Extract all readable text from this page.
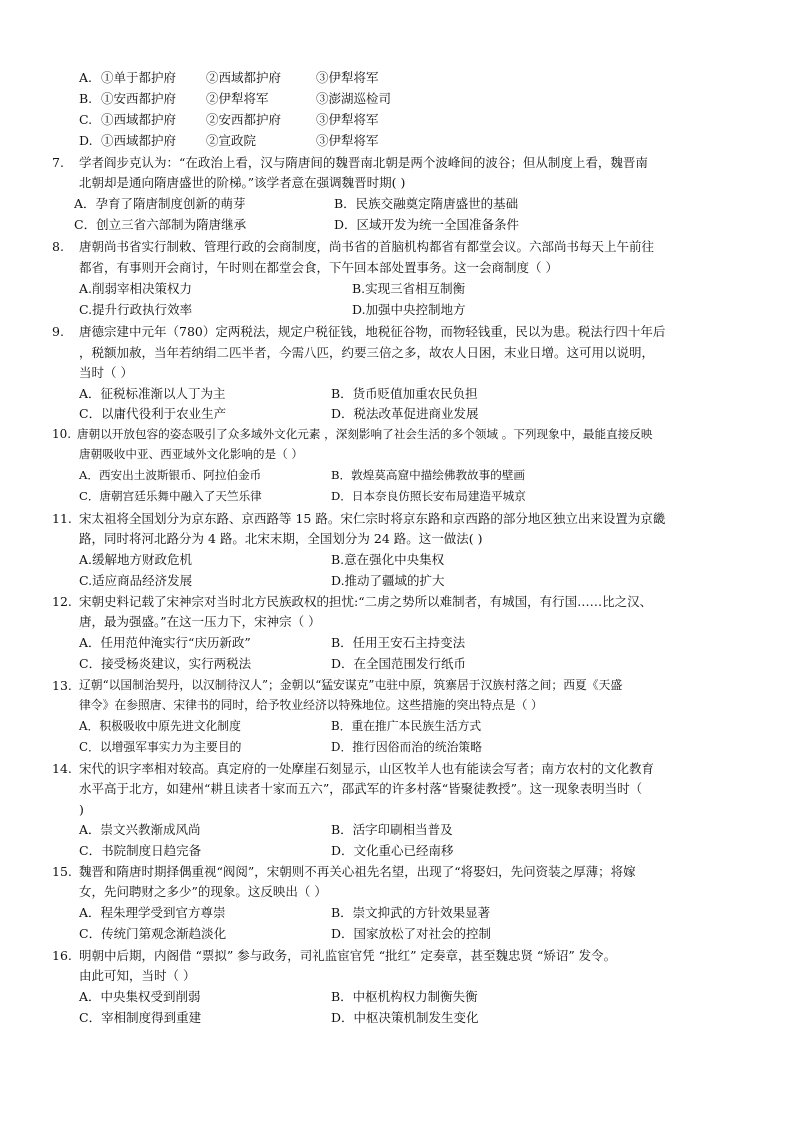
A. ①单于都护府 ②西域都护府	③伊犁将军
B. ①安西都护府 ②伊犁将军	③澎湖巡检司
C. ①西域都护府 ②安西都护府	③伊犁将军
D. ①西域都护府 ②宣政院	③伊犁将军
7. 学者阎步克认为：“在政治上看，汉与隋唐间的魏晋南北朝是两个波峰间的波谷；但从制度上看，魏晋南
北朝却是通向隋唐盛世的阶梯。”该学者意在强调魏晋时期( )
A．孕育了隋唐制度创新的萌芽	B．民族交融奠定隋唐盛世的基础
C．创立三省六部制为隋唐继承	D．区域开发为统一全国准备条件
8. 唐朝尚书省实行制敕、管理行政的会商制度，尚书省的首脑机构都省有都堂会议。六部尚书每天上午前往
都省，有事则开会商讨，午时则在都堂会食，下午回本部处置事务。这一会商制度（ ）
A.削弱宰相决策权力	B.实现三省相互制衡
C.提升行政执行效率	D.加强中央控制地方
9. 唐德宗建中元年（780）定两税法，规定户税征钱，地税征谷物，而物轻钱重，民以为患。税法行四十年后
，税额加赦，当年若纳绢二匹半者，今需八匹，约要三倍之多，故农人日困，末业日增。这可用以说明，
当时（ ）
A．征税标准渐以人丁为主	B．货币贬值加重农民负担
C．以庸代役利于农业生产	D．税法改革促进商业发展
10. 唐朝以开放包容的姿态吸引了众多域外文化元素 ，深刻影响了社会生活的多个领域 。下列现象中，最能直接反映
唐朝吸收中亚、西亚域外文化影响的是（ ）
A．西安出土波斯银币、阿拉伯金币	B．敦煌莫高窟中描绘佛教故事的壁画
C．唐朝宫廷乐舞中融入了天竺乐律	D．日本奈良仿照长安布局建造平城京
11. 宋太祖将全国划分为京东路、京西路等 15 路。宋仁宗时将京东路和京西路的部分地区独立出来设置为京畿
路，同时将河北路分为 4 路。北宋末期，全国划分为 24 路。这一做法( )
A.缓解地方财政危机	B.意在强化中央集权
C.适应商品经济发展	D.推动了疆域的扩大
12. 宋朝史料记载了宋神宗对当时北方民族政权的担忧:“二虏之势所以难制者，有城国，有行国……比之汉、
唐，最为强盛。”在这一压力下，宋神宗（ ）
A．任用范仲淹实行“庆历新政”	B．任用王安石主持变法
C．接受杨炎建议，实行两税法	D．在全国范围发行纸币
13. 辽朝“以国制治契丹，以汉制待汉人”；金朝以“猛安谋克”屯驻中原，筑寨居于汉族村落之间；西夏《天盛
律令》在参照唐、宋律书的同时，给予牧业经济以特殊地位。这些措施的突出特点是（ ）
A．积极吸收中原先进文化制度	B．重在推广本民族生活方式
C．以增强军事实力为主要目的	D．推行因俗而治的统治策略
14. 宋代的识字率相对较高。真定府的一处摩崖石刻显示，山区牧羊人也有能读会写者；南方农村的文化教育
水平高于北方，如建州“耕且读者十家而五六”，邵武军的许多村落“皆聚徒教授”。这一现象表明当时（
)
A．崇文兴教渐成风尚	B．活字印刷相当普及
C．书院制度日趋完备	D．文化重心已经南移
15. 魏晋和隋唐时期择偶重视“阀阅”，宋朝则不再关心祖先名望，出现了“将娶妇，先问资装之厚薄；将嫁
女，先问聘财之多少”的现象。这反映出（ ）
A．程朱理学受到官方尊崇	B．崇文抑武的方针效果显著
C．传统门第观念渐趋淡化	D．国家放松了对社会的控制
16. 明朝中后期，内阁借 “票拟” 参与政务，司礼监宦官凭 “批红” 定奏章，甚至魏忠贤 “矫诏” 发令。
由此可知，当时（ ）
A．中央集权受到削弱	B．中枢机构权力制衡失衡
C．宰相制度得到重建	D．中枢决策机制发生变化
